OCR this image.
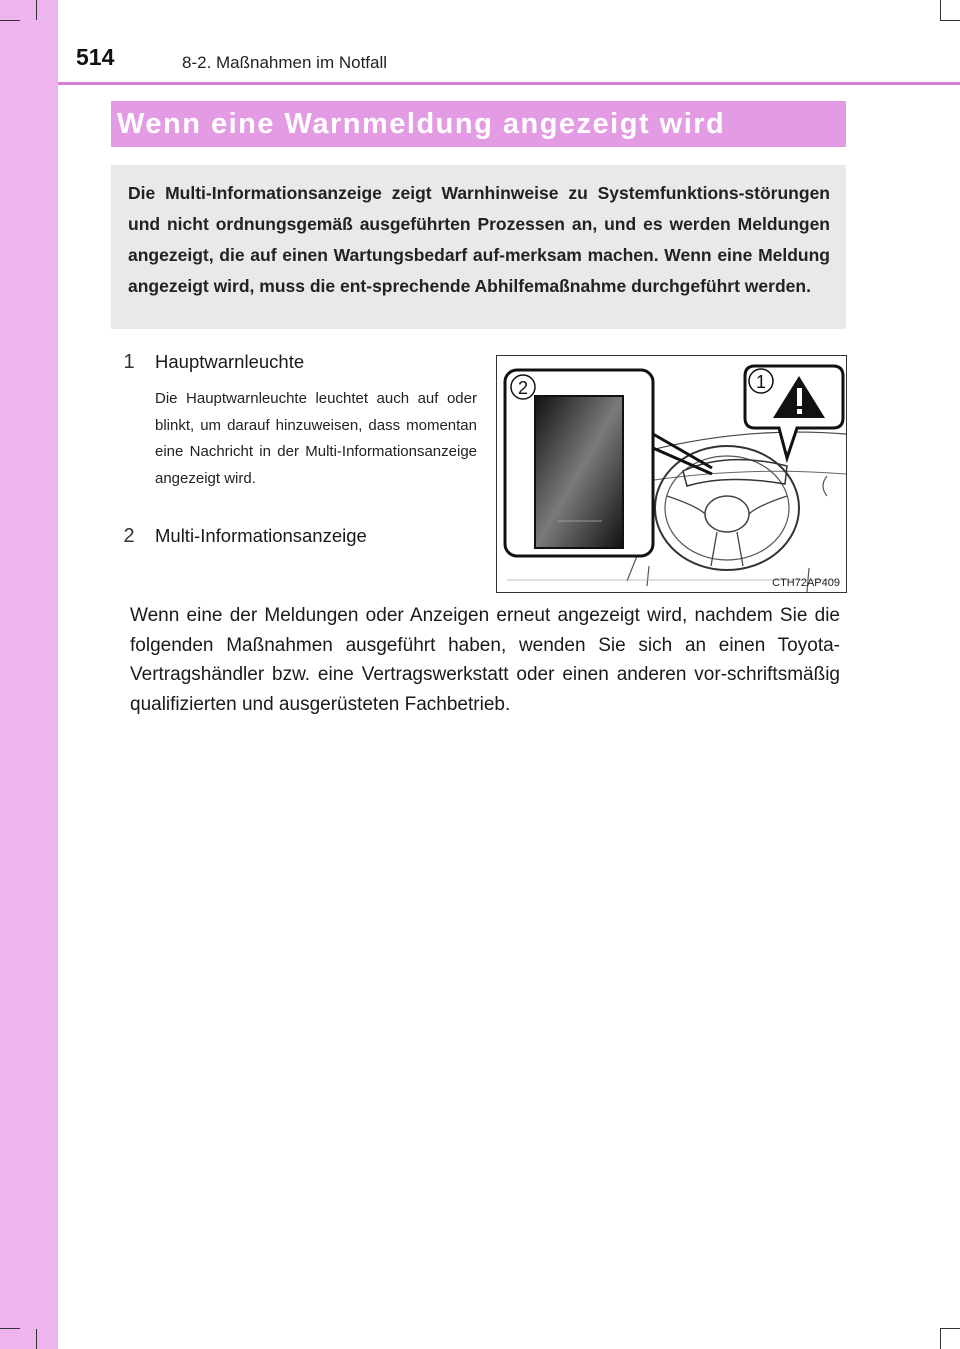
514	8-2. Maßnahmen im Notfall
Wenn eine Warnmeldung angezeigt wird
Die Multi-Informationsanzeige zeigt Warnhinweise zu Systemfunktions-störungen und nicht ordnungsgemäß ausgeführten Prozessen an, und es werden Meldungen angezeigt, die auf einen Wartungsbedarf auf-merksam machen. Wenn eine Meldung angezeigt wird, muss die ent-sprechende Abhilfemaßnahme durchgeführt werden.
1 Hauptwarnleuchte
Die Hauptwarnleuchte leuchtet auch auf oder blinkt, um darauf hinzuweisen, dass momentan eine Nachricht in der Multi-Informationsanzeige angezeigt wird.
2 Multi-Informationsanzeige
2	1
CTH72AP409
Wenn eine der Meldungen oder Anzeigen erneut angezeigt wird, nachdem Sie die folgenden Maßnahmen ausgeführt haben, wenden Sie sich an einen Toyota-Vertragshändler bzw. eine Vertragswerkstatt oder einen anderen vor-schriftsmäßig qualifizierten und ausgerüsteten Fachbetrieb.
